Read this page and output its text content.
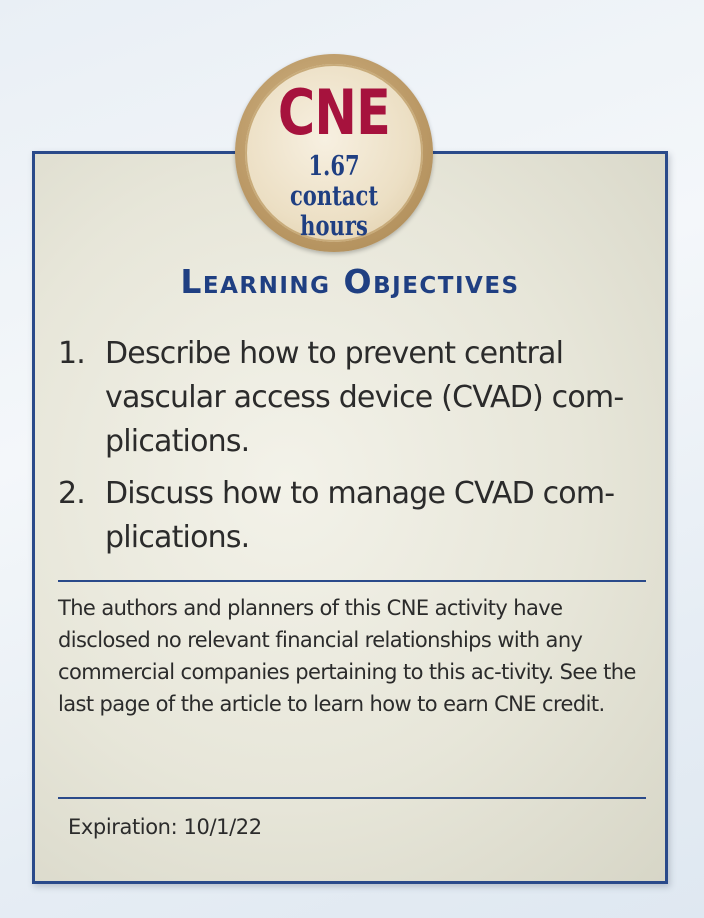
CNE
1.67 contact
hours
Learning Objectives
1. Describe how to prevent central vascular access device (CVAD) com-plications.
2. Discuss how to manage CVAD com-plications.

The authors and planners of this CNE activity have disclosed no relevant financial relationships with any commercial companies pertaining to this ac-tivity. See the last page of the article to learn how to earn CNE credit.

Expiration: 10/1/22
